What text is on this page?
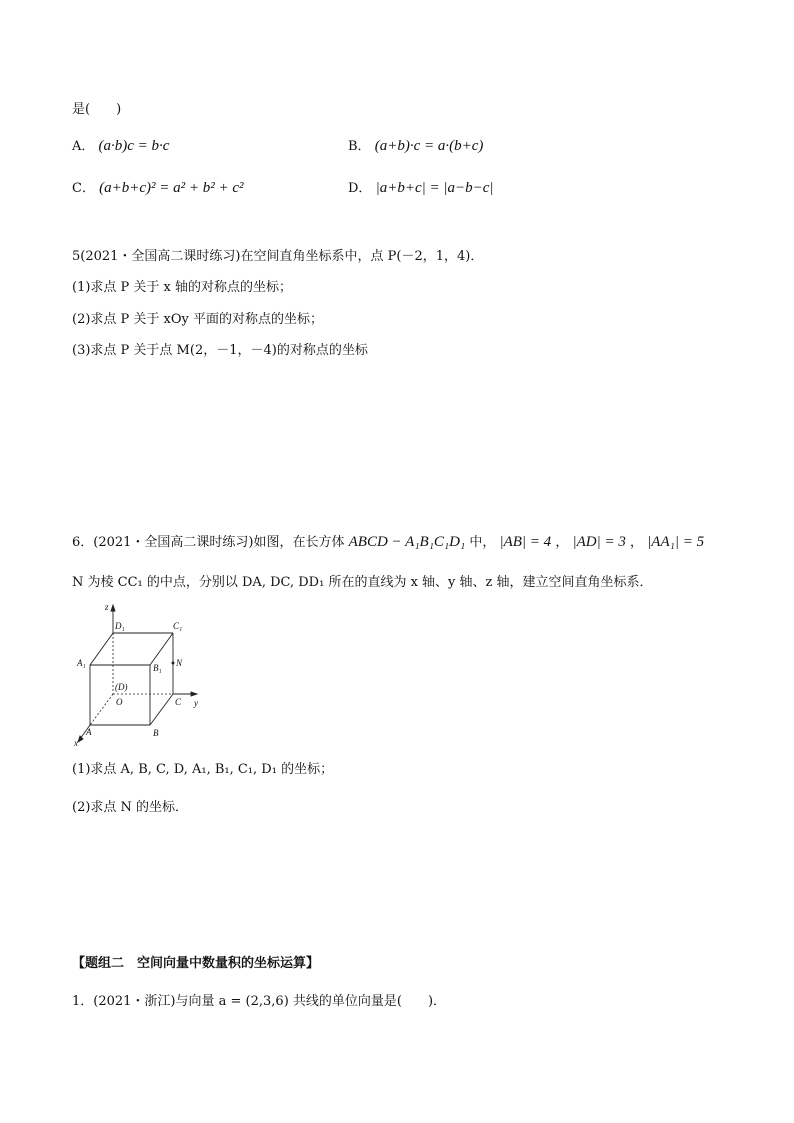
是(　　)
A． (a·b)c = b·c	B． (a+b)·c = a·(b+c)
C． (a+b+c)² = a² + b² + c²	D． |a+b+c| = |a−b−c|
5(2021・全国高二课时练习)在空间直角坐标系中，点 P(－2，1，4)．
(1)求点 P 关于 x 轴的对称点的坐标；
(2)求点 P 关于 xOy 平面的对称点的坐标；
(3)求点 P 关于点 M(2，－1，－4)的对称点的坐标
6．(2021・全国高二课时练习)如图，在长方体 ABCD − A₁B₁C₁D₁ 中， |AB| = 4 ， |AD| = 3 ， |AA₁| = 5
N 为棱 CC₁ 的中点，分别以 DA, DC, DD₁ 所在的直线为 x 轴、y 轴、z 轴，建立空间直角坐标系．
z
y
x
D₁	C₁
A₁	B₁ N
(D)
O	C
A	B
(1)求点 A, B, C, D, A₁, B₁, C₁, D₁ 的坐标；
(2)求点 N 的坐标．
【题组二　空间向量中数量积的坐标运算】
1．(2021・浙江)与向量 a = (2,3,6) 共线的单位向量是(　　)．
